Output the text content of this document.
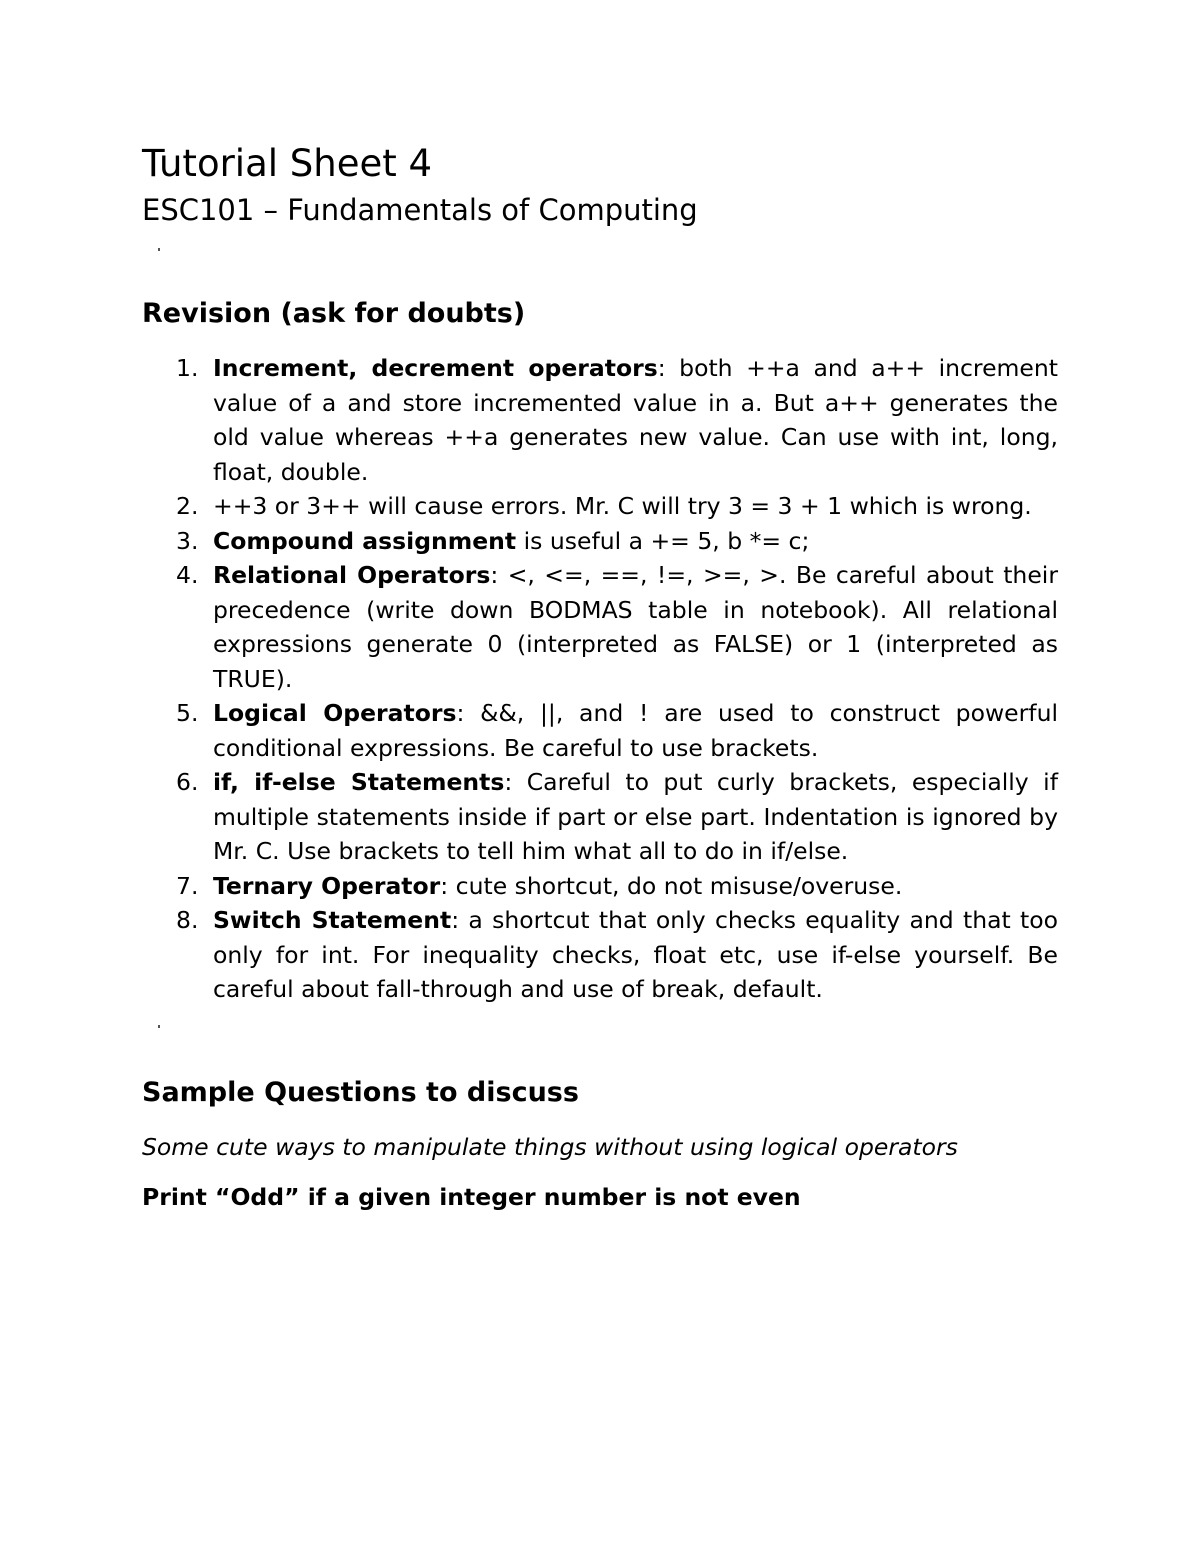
Tutorial Sheet 4
ESC101 – Fundamentals of Computing
Revision (ask for doubts)
1. Increment, decrement operators: both ++a and a++ increment value of a and store incremented value in a. But a++ generates the old value whereas ++a generates new value. Can use with int, long, float, double.
2. ++3 or 3++ will cause errors. Mr. C will try 3 = 3 + 1 which is wrong.
3. Compound assignment is useful a += 5, b *= c;
4. Relational Operators: <, <=, ==, !=, >=, >. Be careful about their precedence (write down BODMAS table in notebook). All relational expressions generate 0 (interpreted as FALSE) or 1 (interpreted as TRUE).
5. Logical Operators: &&, ||, and ! are used to construct powerful conditional expressions. Be careful to use brackets.
6. if, if-else Statements: Careful to put curly brackets, especially if multiple statements inside if part or else part. Indentation is ignored by Mr. C. Use brackets to tell him what all to do in if/else.
7. Ternary Operator: cute shortcut, do not misuse/overuse.
8. Switch Statement: a shortcut that only checks equality and that too only for int. For inequality checks, float etc, use if-else yourself. Be careful about fall-through and use of break, default.
Sample Questions to discuss

Some cute ways to manipulate things without using logical operators

Print “Odd” if a given integer number is not even
